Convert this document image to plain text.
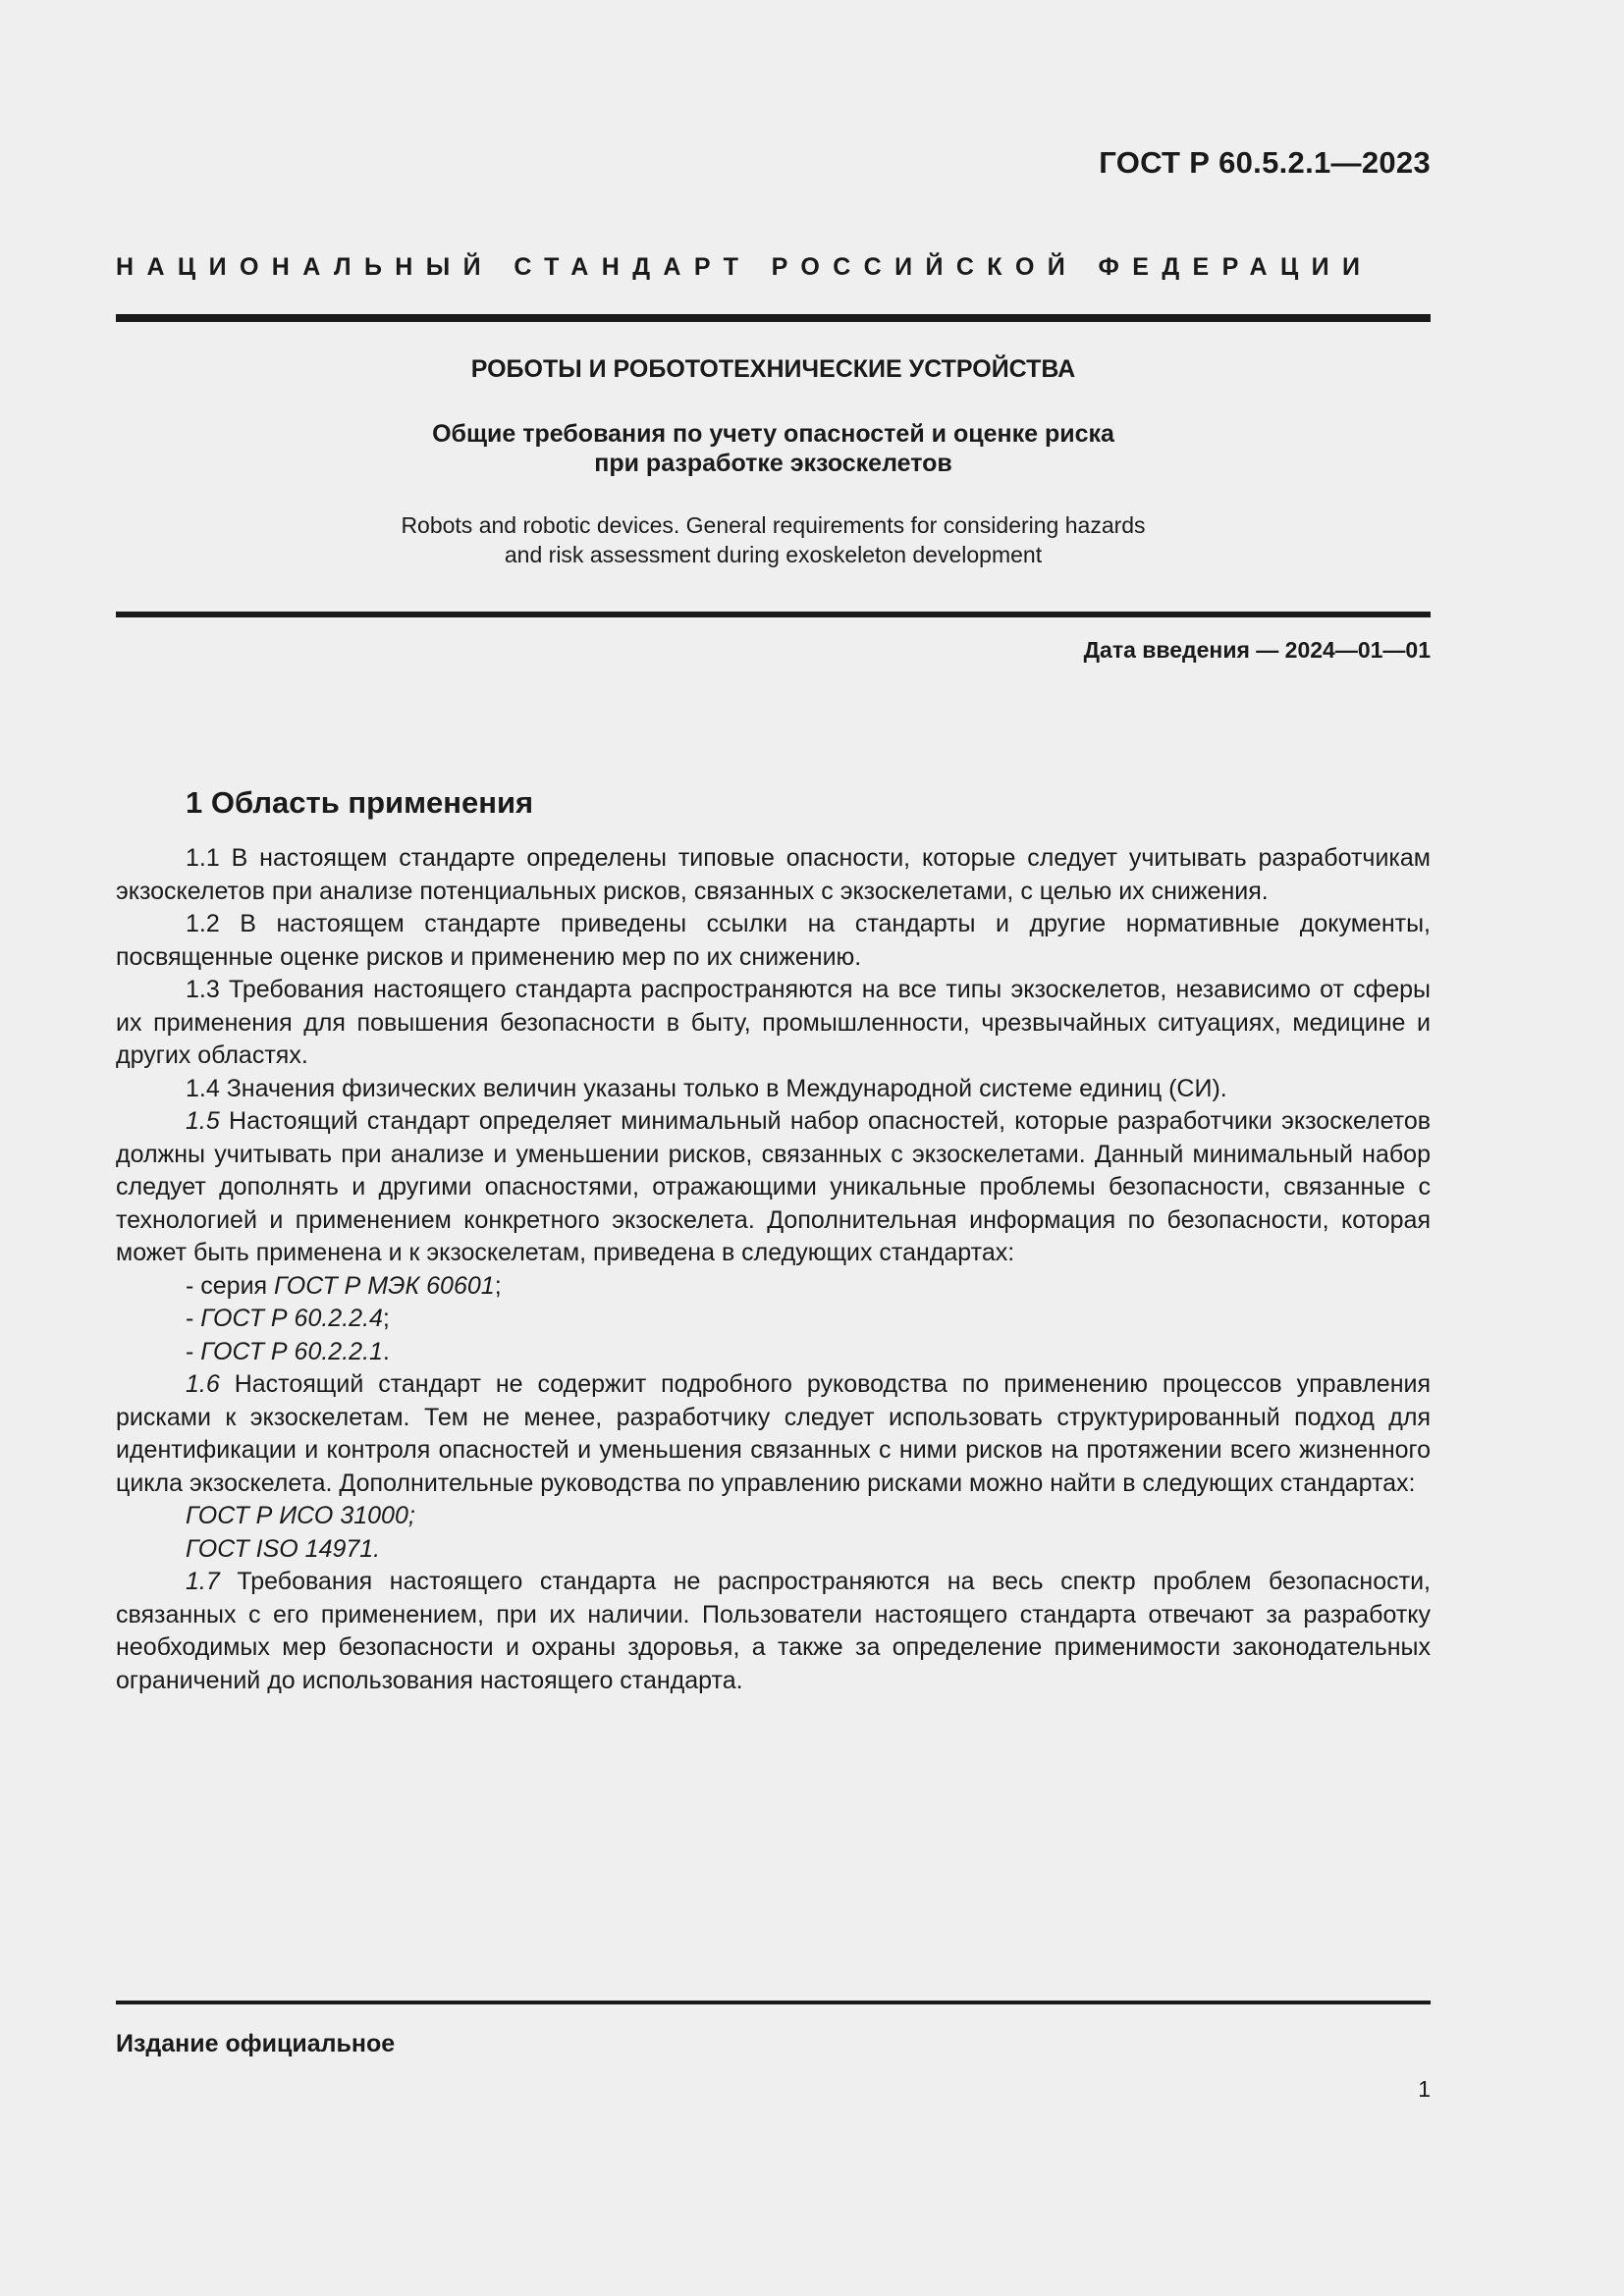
ГОСТ Р 60.5.2.1—2023
НАЦИОНАЛЬНЫЙ СТАНДАРТ РОССИЙСКОЙ ФЕДЕРАЦИИ
РОБОТЫ И РОБОТОТЕХНИЧЕСКИЕ УСТРОЙСТВА
Общие требования по учету опасностей и оценке риска
при разработке экзоскелетов
Robots and robotic devices. General requirements for considering hazards
and risk assessment during exoskeleton development
Дата введения — 2024—01—01
1 Область применения

1.1 В настоящем стандарте определены типовые опасности, которые следует учитывать разработчикам экзоскелетов при анализе потенциальных рисков, связанных с экзоскелетами, с целью их снижения.

1.2 В настоящем стандарте приведены ссылки на стандарты и другие нормативные документы, посвященные оценке рисков и применению мер по их снижению.

1.3 Требования настоящего стандарта распространяются на все типы экзоскелетов, независимо от сферы их применения для повышения безопасности в быту, промышленности, чрезвычайных ситуациях, медицине и других областях.

1.4 Значения физических величин указаны только в Международной системе единиц (СИ).

1.5 Настоящий стандарт определяет минимальный набор опасностей, которые разработчики экзоскелетов должны учитывать при анализе и уменьшении рисков, связанных с экзоскелетами. Данный минимальный набор следует дополнять и другими опасностями, отражающими уникальные проблемы безопасности, связанные с технологией и применением конкретного экзоскелета. Дополнительная информация по безопасности, которая может быть применена и к экзоскелетам, приведена в следующих стандартах:

- серия ГОСТ Р МЭК 60601;

- ГОСТ Р 60.2.2.4;

- ГОСТ Р 60.2.2.1.

1.6 Настоящий стандарт не содержит подробного руководства по применению процессов управления рисками к экзоскелетам. Тем не менее, разработчику следует использовать структурированный подход для идентификации и контроля опасностей и уменьшения связанных с ними рисков на протяжении всего жизненного цикла экзоскелета. Дополнительные руководства по управлению рисками можно найти в следующих стандартах:

ГОСТ Р ИСО 31000;

ГОСТ ISO 14971.

1.7 Требования настоящего стандарта не распространяются на весь спектр проблем безопасности, связанных с его применением, при их наличии. Пользователи настоящего стандарта отвечают за разработку необходимых мер безопасности и охраны здоровья, а также за определение применимости законодательных ограничений до использования настоящего стандарта.

Издание официальное
1
